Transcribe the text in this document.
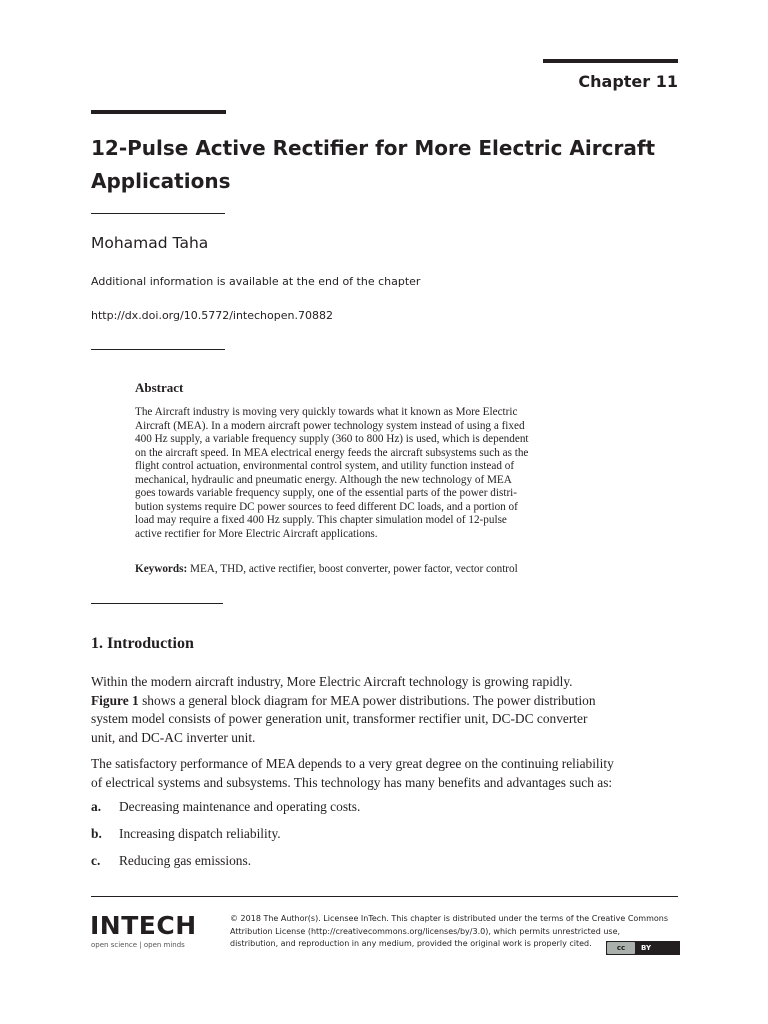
Chapter 11
12-Pulse Active Rectifier for More Electric Aircraft
Applications
Mohamad Taha
Additional information is available at the end of the chapter
http://dx.doi.org/10.5772/intechopen.70882
Abstract
The Aircraft industry is moving very quickly towards what it known as More Electric
Aircraft (MEA). In a modern aircraft power technology system instead of using a fixed
400 Hz supply, a variable frequency supply (360 to 800 Hz) is used, which is dependent
on the aircraft speed. In MEA electrical energy feeds the aircraft subsystems such as the
flight control actuation, environmental control system, and utility function instead of
mechanical, hydraulic and pneumatic energy. Although the new technology of MEA
goes towards variable frequency supply, one of the essential parts of the power distri-
bution systems require DC power sources to feed different DC loads, and a portion of
load may require a fixed 400 Hz supply. This chapter simulation model of 12-pulse
active rectifier for More Electric Aircraft applications.
Keywords: MEA, THD, active rectifier, boost converter, power factor, vector control
1. Introduction
Within the modern aircraft industry, More Electric Aircraft technology is growing rapidly.
Figure 1 shows a general block diagram for MEA power distributions. The power distribution
system model consists of power generation unit, transformer rectifier unit, DC-DC converter
unit, and DC-AC inverter unit.
The satisfactory performance of MEA depends to a very great degree on the continuing reliability
of electrical systems and subsystems. This technology has many benefits and advantages such as:
a. Decreasing maintenance and operating costs.
b. Increasing dispatch reliability.
c. Reducing gas emissions.
INTECH
open science | open minds
© 2018 The Author(s). Licensee InTech. This chapter is distributed under the terms of the Creative Commons
Attribution License (http://creativecommons.org/licenses/by/3.0), which permits unrestricted use,
distribution, and reproduction in any medium, provided the original work is properly cited.	cc	BY
